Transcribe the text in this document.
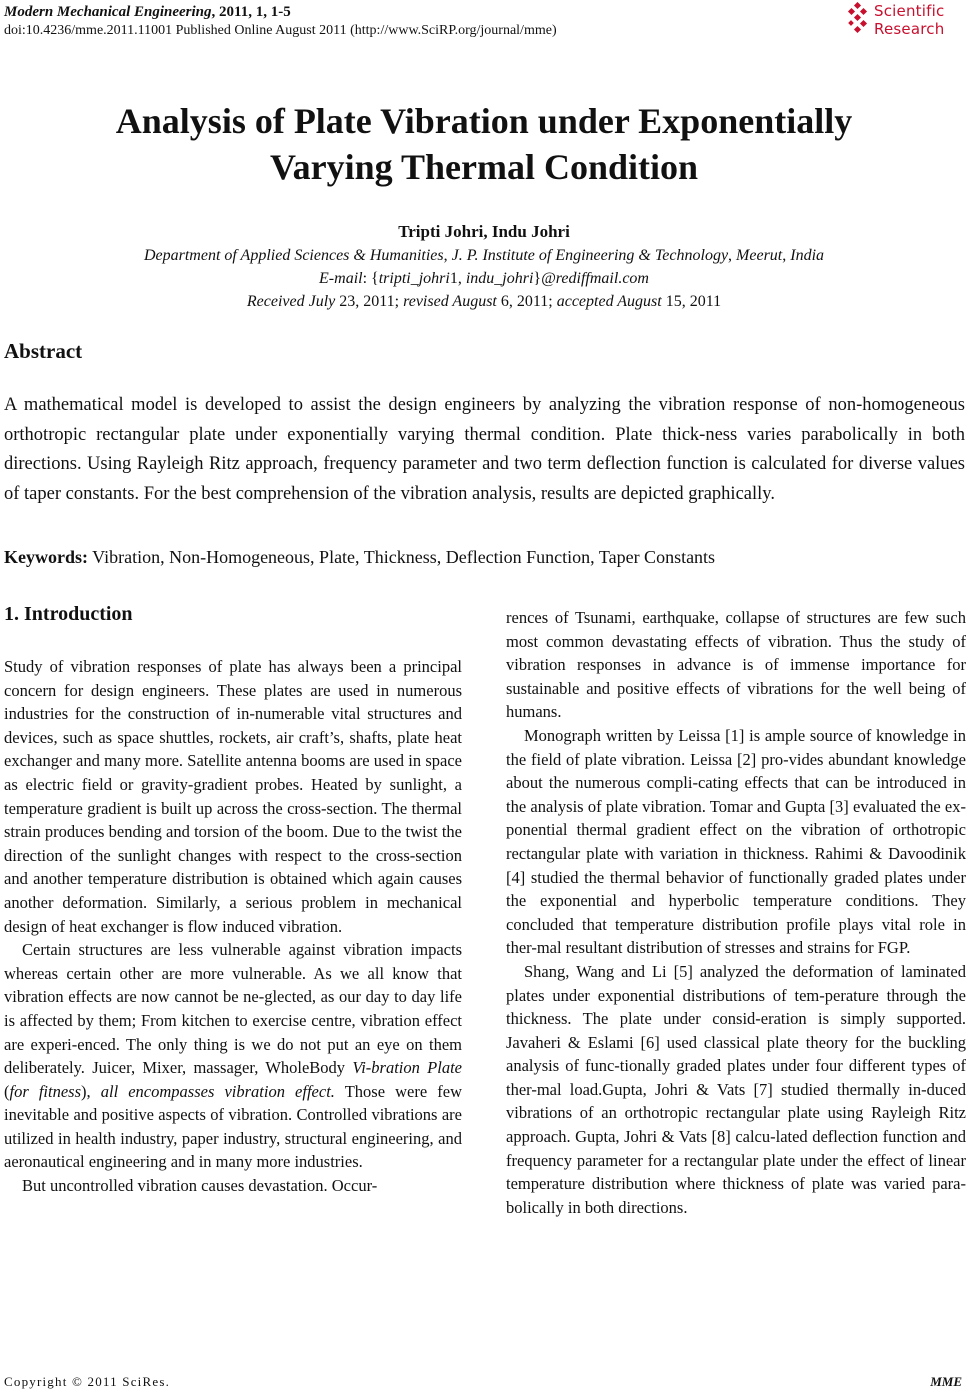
Modern Mechanical Engineering, 2011, 1, 1-5
doi:10.4236/mme.2011.11001 Published Online August 2011 (http://www.SciRP.org/journal/mme)
Scientific
Research
Analysis of Plate Vibration under Exponentially
Varying Thermal Condition
Tripti Johri, Indu Johri
Department of Applied Sciences & Humanities, J. P. Institute of Engineering & Technology, Meerut, India
E-mail: {tripti_johri1, indu_johri}@rediffmail.com
Received July 23, 2011; revised August 6, 2011; accepted August 15, 2011
Abstract
A mathematical model is developed to assist the design engineers by analyzing the vibration response of non-homogeneous orthotropic rectangular plate under exponentially varying thermal condition. Plate thick-ness varies parabolically in both directions. Using Rayleigh Ritz approach, frequency parameter and two term deflection function is calculated for diverse values of taper constants. For the best comprehension of the vibration analysis, results are depicted graphically.
Keywords: Vibration, Non-Homogeneous, Plate, Thickness, Deflection Function, Taper Constants
1. Introduction

Study of vibration responses of plate has always been a principal concern for design engineers. These plates are used in numerous industries for the construction of in-numerable vital structures and devices, such as space shuttles, rockets, air craft’s, shafts, plate heat exchanger and many more. Satellite antenna booms are used in space as electric field or gravity-gradient probes. Heated by sunlight, a temperature gradient is built up across the cross-section. The thermal strain produces bending and torsion of the boom. Due to the twist the direction of the sunlight changes with respect to the cross-section and another temperature distribution is obtained which again causes another deformation. Similarly, a serious problem in mechanical design of heat exchanger is flow induced vibration.

Certain structures are less vulnerable against vibration impacts whereas certain other are more vulnerable. As we all know that vibration effects are now cannot be ne-glected, as our day to day life is affected by them; From kitchen to exercise centre, vibration effect are experi-enced. The only thing is we do not put an eye on them deliberately. Juicer, Mixer, massager, WholeBody Vi-bration Plate (for fitness), all encompasses vibration effect. Those were few inevitable and positive aspects of vibration. Controlled vibrations are utilized in health industry, paper industry, structural engineering, and aeronautical engineering and in many more industries.

But uncontrolled vibration causes devastation. Occur-

rences of Tsunami, earthquake, collapse of structures are few such most common devastating effects of vibration. Thus the study of vibration responses in advance is of immense importance for sustainable and positive effects of vibrations for the well being of humans.

Monograph written by Leissa [1] is ample source of knowledge in the field of plate vibration. Leissa [2] pro-vides abundant knowledge about the numerous compli-cating effects that can be introduced in the analysis of plate vibration. Tomar and Gupta [3] evaluated the ex-ponential thermal gradient effect on the vibration of orthotropic rectangular plate with variation in thickness. Rahimi & Davoodinik [4] studied the thermal behavior of functionally graded plates under the exponential and hyperbolic temperature conditions. They concluded that temperature distribution profile plays vital role in ther-mal resultant distribution of stresses and strains for FGP.

Shang, Wang and Li [5] analyzed the deformation of laminated plates under exponential distributions of tem-perature through the thickness. The plate under consid-eration is simply supported. Javaheri & Eslami [6] used classical plate theory for the buckling analysis of func-tionally graded plates under four different types of ther-mal load.Gupta, Johri & Vats [7] studied thermally in-duced vibrations of an orthotropic rectangular plate using Rayleigh Ritz approach. Gupta, Johri & Vats [8] calcu-lated deflection function and frequency parameter for a rectangular plate under the effect of linear temperature distribution where thickness of plate was varied para-bolically in both directions.

Copyright © 2011 SciRes.	MME
